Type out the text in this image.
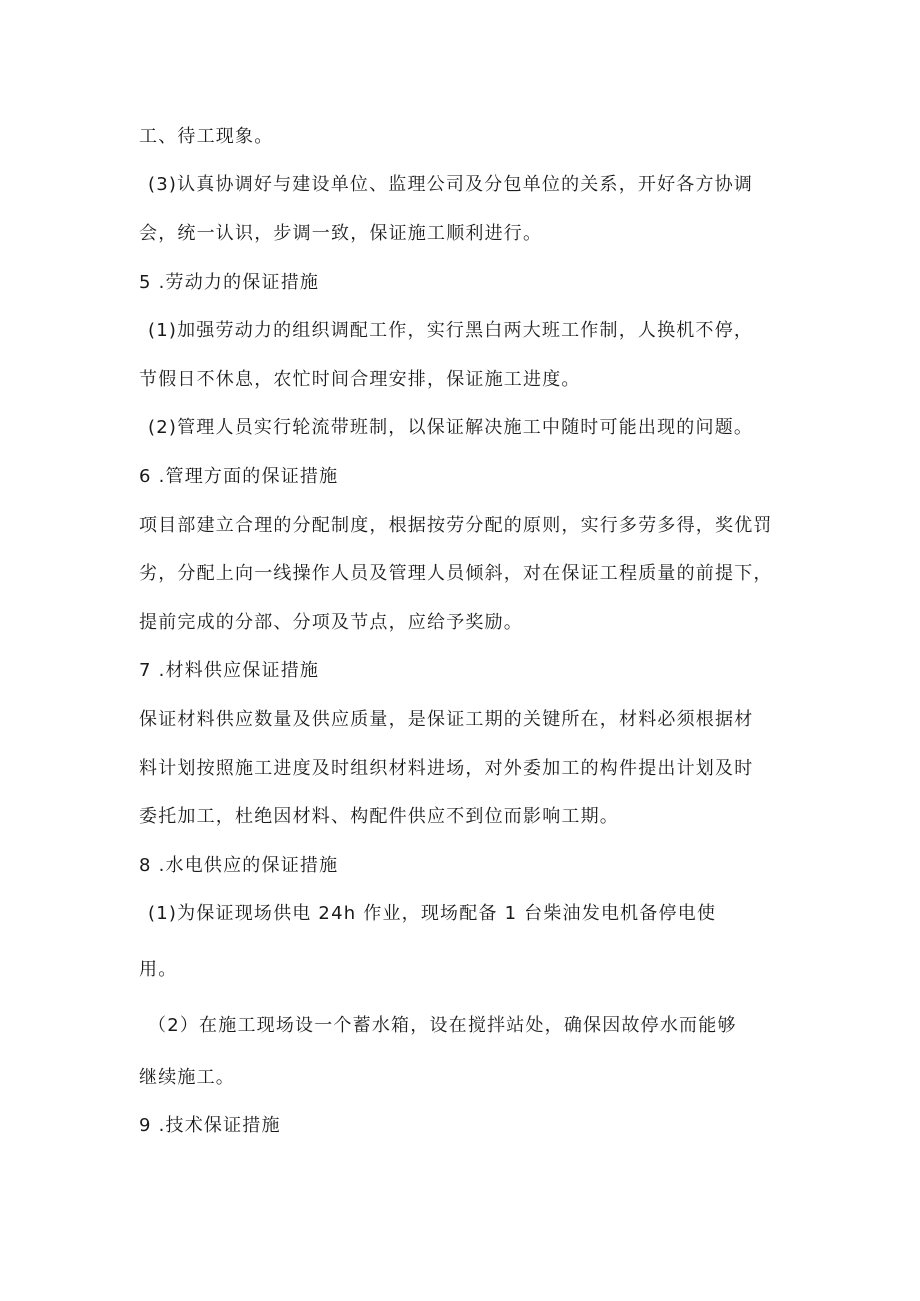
工、待工现象。
(3)认真协调好与建设单位、监理公司及分包单位的关系，开好各方协调
会，统一认识，步调一致，保证施工顺利进行。
5 .劳动力的保证措施
(1)加强劳动力的组织调配工作，实行黑白两大班工作制，人换机不停，
节假日不休息，农忙时间合理安排，保证施工进度。
(2)管理人员实行轮流带班制，以保证解决施工中随时可能出现的问题。
6 .管理方面的保证措施
项目部建立合理的分配制度，根据按劳分配的原则，实行多劳多得，奖优罚
劣，分配上向一线操作人员及管理人员倾斜，对在保证工程质量的前提下，
提前完成的分部、分项及节点，应给予奖励。
7 .材料供应保证措施
保证材料供应数量及供应质量，是保证工期的关键所在，材料必须根据材
料计划按照施工进度及时组织材料进场，对外委加工的构件提出计划及时
委托加工，杜绝因材料、构配件供应不到位而影响工期。
8 .水电供应的保证措施
(1)为保证现场供电 24h 作业，现场配备 1 台柴油发电机备停电使
用。
（2）在施工现场设一个蓄水箱，设在搅拌站处，确保因故停水而能够
继续施工。
9 .技术保证措施
